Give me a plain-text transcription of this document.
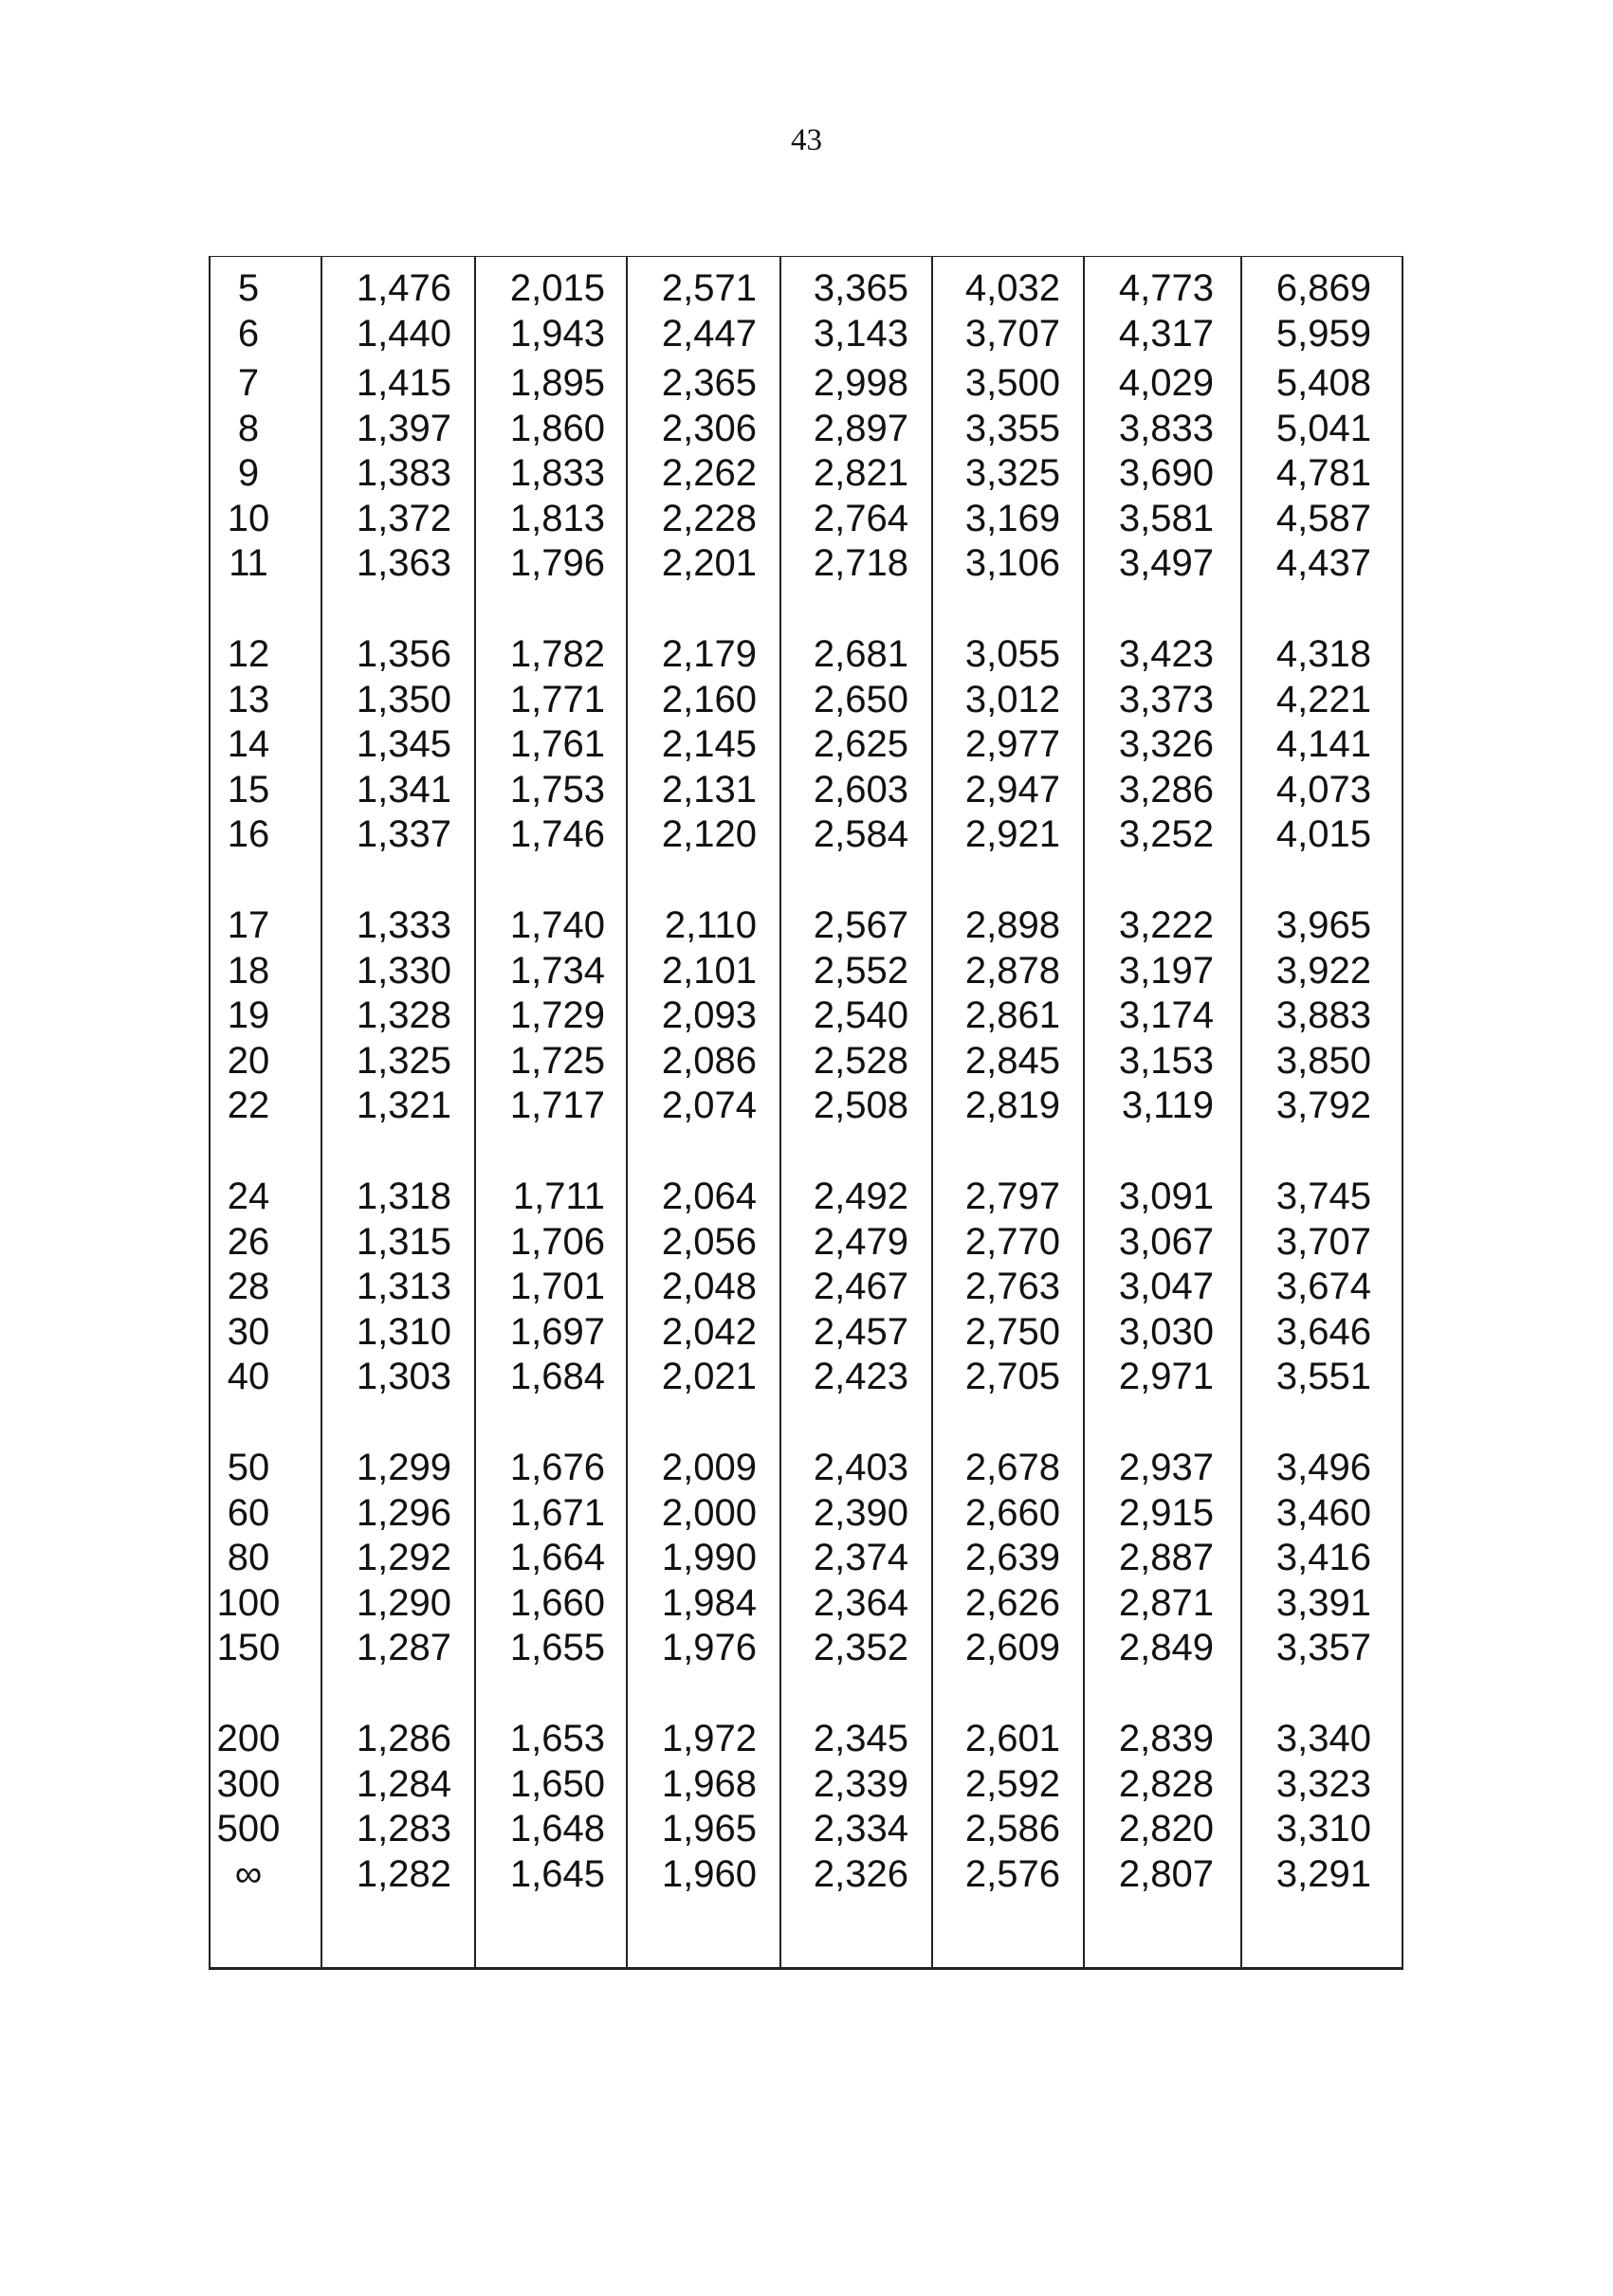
43
5	1,476	2,015	2,571	3,365	4,032	4,773	6,869
6	1,440	1,943	2,447	3,143	3,707	4,317	5,959
7	1,415	1,895	2,365	2,998	3,500	4,029	5,408
8	1,397	1,860	2,306	2,897	3,355	3,833	5,041
9	1,383	1,833	2,262	2,821	3,325	3,690	4,781
10	1,372	1,813	2,228	2,764	3,169	3,581	4,587
11	1,363	1,796	2,201	2,718	3,106	3,497	4,437
12	1,356	1,782	2,179	2,681	3,055	3,423	4,318
13	1,350	1,771	2,160	2,650	3,012	3,373	4,221
14	1,345	1,761	2,145	2,625	2,977	3,326	4,141
15	1,341	1,753	2,131	2,603	2,947	3,286	4,073
16	1,337	1,746	2,120	2,584	2,921	3,252	4,015
17	1,333	1,740	2,110	2,567	2,898	3,222	3,965
18	1,330	1,734	2,101	2,552	2,878	3,197	3,922
19	1,328	1,729	2,093	2,540	2,861	3,174	3,883
20	1,325	1,725	2,086	2,528	2,845	3,153	3,850
22	1,321	1,717	2,074	2,508	2,819	3,119	3,792
24	1,318	1,711	2,064	2,492	2,797	3,091	3,745
26	1,315	1,706	2,056	2,479	2,770	3,067	3,707
28	1,313	1,701	2,048	2,467	2,763	3,047	3,674
30	1,310	1,697	2,042	2,457	2,750	3,030	3,646
40	1,303	1,684	2,021	2,423	2,705	2,971	3,551
50	1,299	1,676	2,009	2,403	2,678	2,937	3,496
60	1,296	1,671	2,000	2,390	2,660	2,915	3,460
80	1,292	1,664	1,990	2,374	2,639	2,887	3,416
100	1,290	1,660	1,984	2,364	2,626	2,871	3,391
150	1,287	1,655	1,976	2,352	2,609	2,849	3,357
200	1,286	1,653	1,972	2,345	2,601	2,839	3,340
300	1,284	1,650	1,968	2,339	2,592	2,828	3,323
500	1,283	1,648	1,965	2,334	2,586	2,820	3,310
∞	1,282	1,645	1,960	2,326	2,576	2,807	3,291
